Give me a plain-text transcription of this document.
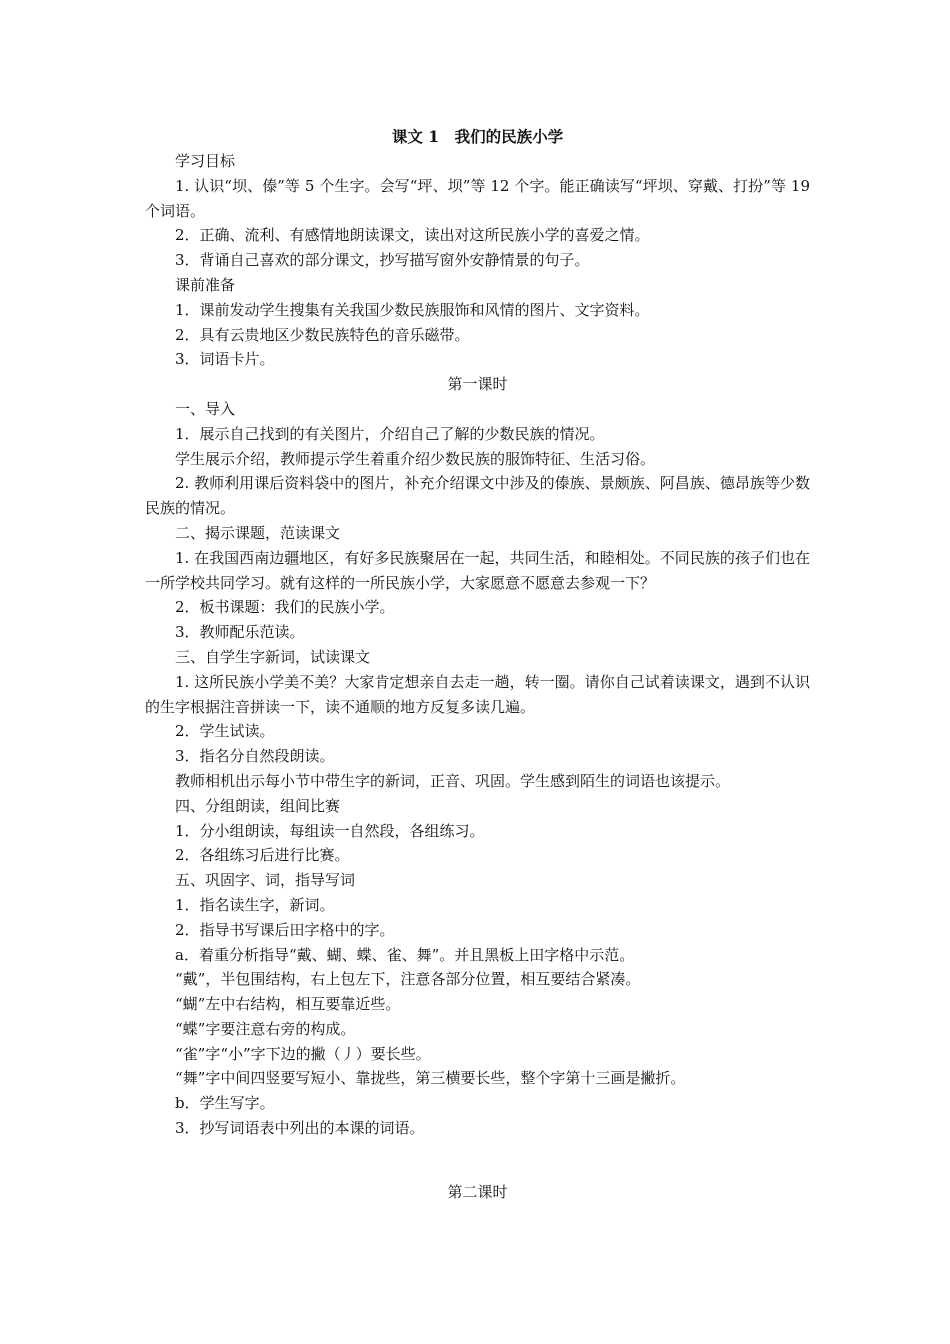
课文 1　我们的民族小学

学习目标

1. 认识“坝、傣”等 5 个生字。会写“坪、坝”等 12 个字。能正确读写“坪坝、穿戴、打扮”等 19 个词语。

2．正确、流利、有感情地朗读课文，读出对这所民族小学的喜爱之情。

3．背诵自己喜欢的部分课文，抄写描写窗外安静情景的句子。

课前准备

1．课前发动学生搜集有关我国少数民族服饰和风情的图片、文字资料。

2．具有云贵地区少数民族特色的音乐磁带。

3．词语卡片。

第一课时

一、导入

1．展示自己找到的有关图片，介绍自己了解的少数民族的情况。

学生展示介绍，教师提示学生着重介绍少数民族的服饰特征、生活习俗。

2. 教师利用课后资料袋中的图片，补充介绍课文中涉及的傣族、景颇族、阿昌族、德昂族等少数民族的情况。

二、揭示课题，范读课文

1. 在我国西南边疆地区，有好多民族聚居在一起，共同生活，和睦相处。不同民族的孩子们也在一所学校共同学习。就有这样的一所民族小学，大家愿意不愿意去参观一下？

2．板书课题：我们的民族小学。

3．教师配乐范读。

三、自学生字新词，试读课文

1. 这所民族小学美不美？大家肯定想亲自去走一趟，转一圈。请你自己试着读课文，遇到不认识的生字根据注音拼读一下，读不通顺的地方反复多读几遍。

2．学生试读。

3．指名分自然段朗读。

教师相机出示每小节中带生字的新词，正音、巩固。学生感到陌生的词语也该提示。

四、分组朗读，组间比赛

1．分小组朗读，每组读一自然段，各组练习。

2．各组练习后进行比赛。

五、巩固字、词，指导写词

1．指名读生字，新词。

2．指导书写课后田字格中的字。

a．着重分析指导“戴、蝴、蝶、雀、舞”。并且黑板上田字格中示范。

“戴”，半包围结构，右上包左下，注意各部分位置，相互要结合紧凑。

“蝴”左中右结构，相互要靠近些。

“蝶”字要注意右旁的构成。

“雀”字“小”字下边的撇（丿）要长些。

“舞”字中间四竖要写短小、靠拢些，第三横要长些，整个字第十三画是撇折。

b．学生写字。

3．抄写词语表中列出的本课的词语。

第二课时
